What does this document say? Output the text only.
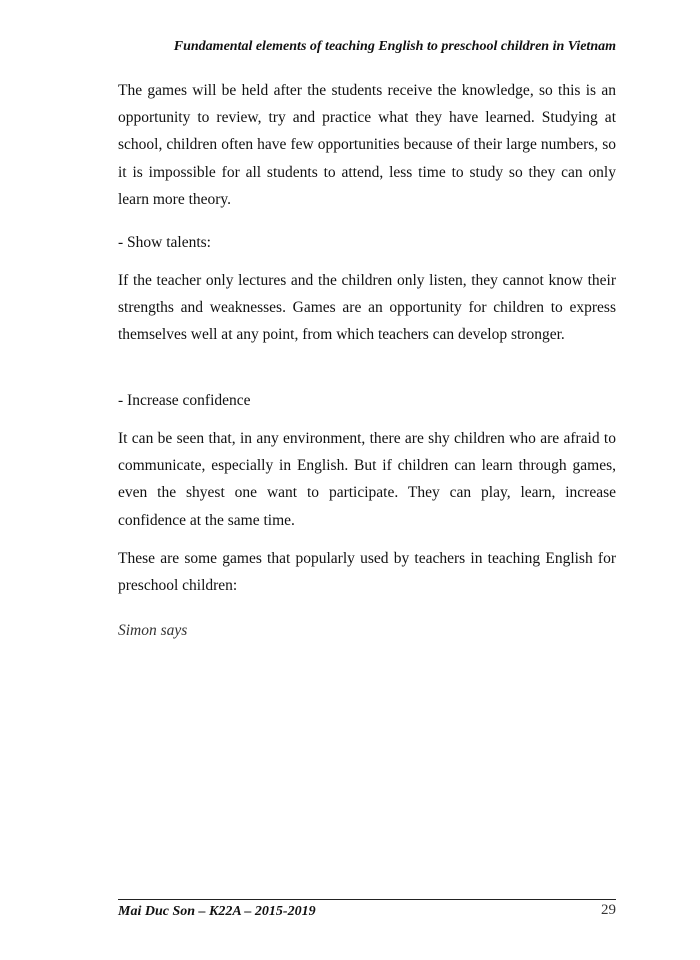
Fundamental elements of teaching English to preschool children in Vietnam

The games will be held after the students receive the knowledge, so this is an opportunity to review, try and practice what they have learned. Studying at school, children often have few opportunities because of their large numbers, so it is impossible for all students to attend, less time to study so they can only learn more theory.

- Show talents:

If the teacher only lectures and the children only listen, they cannot know their strengths and weaknesses. Games are an opportunity for children to express themselves well at any point, from which teachers can develop stronger.

- Increase confidence

It can be seen that, in any environment, there are shy children who are afraid to communicate, especially in English. But if children can learn through games, even the shyest one want to participate. They can play, learn, increase confidence at the same time.

These are some games that popularly used by teachers in teaching English for preschool children:

Simon says
Mai Duc Son – K22A – 2015-2019	29
